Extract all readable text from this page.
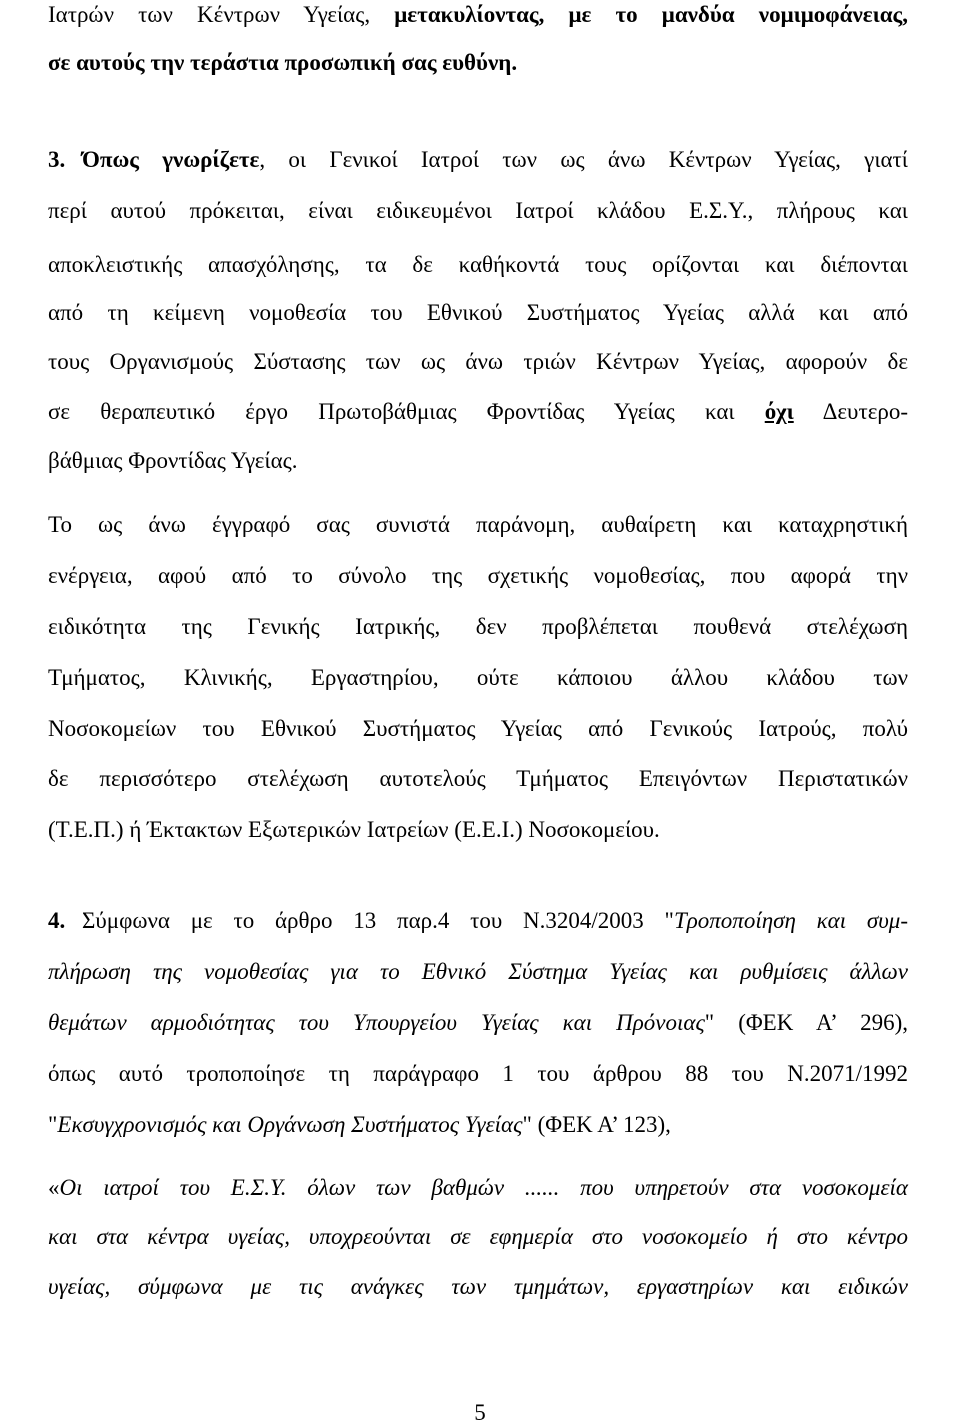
Ιατρών των Κέντρων Υγείας, μετακυλίοντας, με το μανδύα νομιμοφάνειας,
σε αυτούς την τεράστια προσωπική σας ευθύνη.
3. Όπως γνωρίζετε, οι Γενικοί Ιατροί των ως άνω Κέντρων Υγείας, γιατί
περί αυτού πρόκειται, είναι ειδικευμένοι Ιατροί κλάδου Ε.Σ.Υ., πλήρους και
αποκλειστικής απασχόλησης, τα δε καθήκοντά τους ορίζονται και διέπονται
από τη κείμενη νομοθεσία του Εθνικού Συστήματος Υγείας αλλά και από
τους Οργανισμούς Σύστασης των ως άνω τριών Κέντρων Υγείας, αφορούν δε
σε θεραπευτικό έργο Πρωτοβάθμιας Φροντίδας Υγείας και όχι Δευτερο-
βάθμιας Φροντίδας Υγείας.
Το ως άνω έγγραφό σας συνιστά παράνομη, αυθαίρετη και καταχρηστική
ενέργεια, αφού από το σύνολο της σχετικής νομοθεσίας, που αφορά την
ειδικότητα της Γενικής Ιατρικής, δεν προβλέπεται πουθενά στελέχωση
Τμήματος, Κλινικής, Εργαστηρίου, ούτε κάποιου άλλου κλάδου των
Νοσοκομείων του Εθνικού Συστήματος Υγείας από Γενικούς Ιατρούς, πολύ
δε περισσότερο στελέχωση αυτοτελούς Τμήματος Επειγόντων Περιστατικών
(Τ.Ε.Π.) ή Έκτακτων Εξωτερικών Ιατρείων (Ε.Ε.Ι.) Νοσοκομείου.
4. Σύμφωνα με το άρθρο 13 παρ.4 του Ν.3204/2003 "Τροποποίηση και συμ-
πλήρωση της νομοθεσίας για το Εθνικό Σύστημα Υγείας και ρυθμίσεις άλλων
θεμάτων αρμοδιότητας του Υπουργείου Υγείας και Πρόνοιας" (ΦΕΚ Α’ 296),
όπως αυτό τροποποίησε τη παράγραφο 1 του άρθρου 88 του Ν.2071/1992
"Εκσυγχρονισμός και Οργάνωση Συστήματος Υγείας" (ΦΕΚ Α’ 123),
«Οι ιατροί του Ε.Σ.Υ. όλων των βαθμών ...... που υπηρετούν στα νοσοκομεία
και στα κέντρα υγείας, υποχρεούνται σε εφημερία στο νοσοκομείο ή στο κέντρο
υγείας, σύμφωνα με τις ανάγκες των τμημάτων, εργαστηρίων και ειδικών
5
